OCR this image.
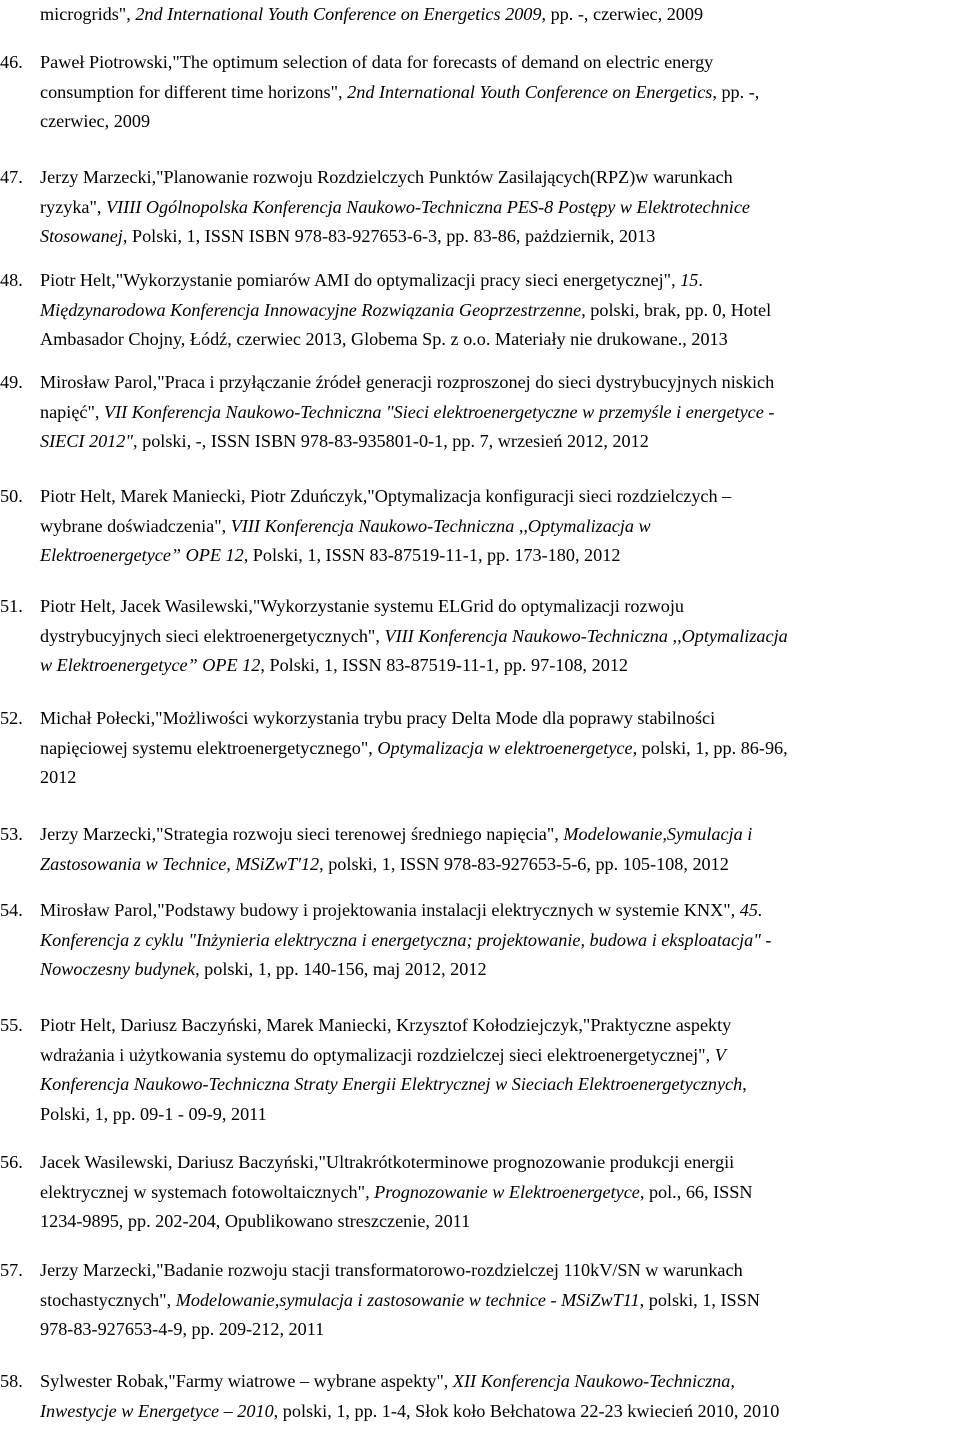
microgrids", 2nd International Youth Conference on Energetics 2009, pp. -, czerwiec, 2009
46. Paweł Piotrowski,"The optimum selection of data for forecasts of demand on electric energy
consumption for different time horizons", 2nd International Youth Conference on Energetics, pp. -,
czerwiec, 2009
47. Jerzy Marzecki,"Planowanie rozwoju Rozdzielczych Punktów Zasilających(RPZ)w warunkach
ryzyka", VIIII Ogólnopolska Konferencja Naukowo-Techniczna PES-8 Postępy w Elektrotechnice
Stosowanej, Polski, 1, ISSN ISBN 978-83-927653-6-3, pp. 83-86, pażdziernik, 2013
48. Piotr Helt,"Wykorzystanie pomiarów AMI do optymalizacji pracy sieci energetycznej", 15.
Międzynarodowa Konferencja Innowacyjne Rozwiązania Geoprzestrzenne, polski, brak, pp. 0, Hotel
Ambasador Chojny, Łódź, czerwiec 2013, Globema Sp. z o.o. Materiały nie drukowane., 2013
49. Mirosław Parol,"Praca i przyłączanie źródeł generacji rozproszonej do sieci dystrybucyjnych niskich
napięć", VII Konferencja Naukowo-Techniczna "Sieci elektroenergetyczne w przemyśle i energetyce -
SIECI 2012", polski, -, ISSN ISBN 978-83-935801-0-1, pp. 7, wrzesień 2012, 2012
50. Piotr Helt, Marek Maniecki, Piotr Zduńczyk,"Optymalizacja konfiguracji sieci rozdzielczych –
wybrane doświadczenia", VIII Konferencja Naukowo-Techniczna ,,Optymalizacja w
Elektroenergetyce” OPE 12, Polski, 1, ISSN 83-87519-11-1, pp. 173-180, 2012
51. Piotr Helt, Jacek Wasilewski,"Wykorzystanie systemu ELGrid do optymalizacji rozwoju
dystrybucyjnych sieci elektroenergetycznych", VIII Konferencja Naukowo-Techniczna ,,Optymalizacja
w Elektroenergetyce” OPE 12, Polski, 1, ISSN 83-87519-11-1, pp. 97-108, 2012
52. Michał Połecki,"Możliwości wykorzystania trybu pracy Delta Mode dla poprawy stabilności
napięciowej systemu elektroenergetycznego", Optymalizacja w elektroenergetyce, polski, 1, pp. 86-96,
2012
53. Jerzy Marzecki,"Strategia rozwoju sieci terenowej średniego napięcia", Modelowanie,Symulacja i
Zastosowania w Technice, MSiZwT'12, polski, 1, ISSN 978-83-927653-5-6, pp. 105-108, 2012
54. Mirosław Parol,"Podstawy budowy i projektowania instalacji elektrycznych w systemie KNX", 45.
Konferencja z cyklu "Inżynieria elektryczna i energetyczna; projektowanie, budowa i eksploatacja" -
Nowoczesny budynek, polski, 1, pp. 140-156, maj 2012, 2012
55. Piotr Helt, Dariusz Baczyński, Marek Maniecki, Krzysztof Kołodziejczyk,"Praktyczne aspekty
wdrażania i użytkowania systemu do optymalizacji rozdzielczej sieci elektroenergetycznej", V
Konferencja Naukowo-Techniczna Straty Energii Elektrycznej w Sieciach Elektroenergetycznych,
Polski, 1, pp. 09-1 - 09-9, 2011
56. Jacek Wasilewski, Dariusz Baczyński,"Ultrakrótkoterminowe prognozowanie produkcji energii
elektrycznej w systemach fotowoltaicznych", Prognozowanie w Elektroenergetyce, pol., 66, ISSN
1234-9895, pp. 202-204, Opublikowano streszczenie, 2011
57. Jerzy Marzecki,"Badanie rozwoju stacji transformatorowo-rozdzielczej 110kV/SN w warunkach
stochastycznych", Modelowanie,symulacja i zastosowanie w technice - MSiZwT11, polski, 1, ISSN
978-83-927653-4-9, pp. 209-212, 2011
58. Sylwester Robak,"Farmy wiatrowe – wybrane aspekty", XII Konferencja Naukowo-Techniczna,
Inwestycje w Energetyce – 2010, polski, 1, pp. 1-4, Słok koło Bełchatowa 22-23 kwiecień 2010, 2010
